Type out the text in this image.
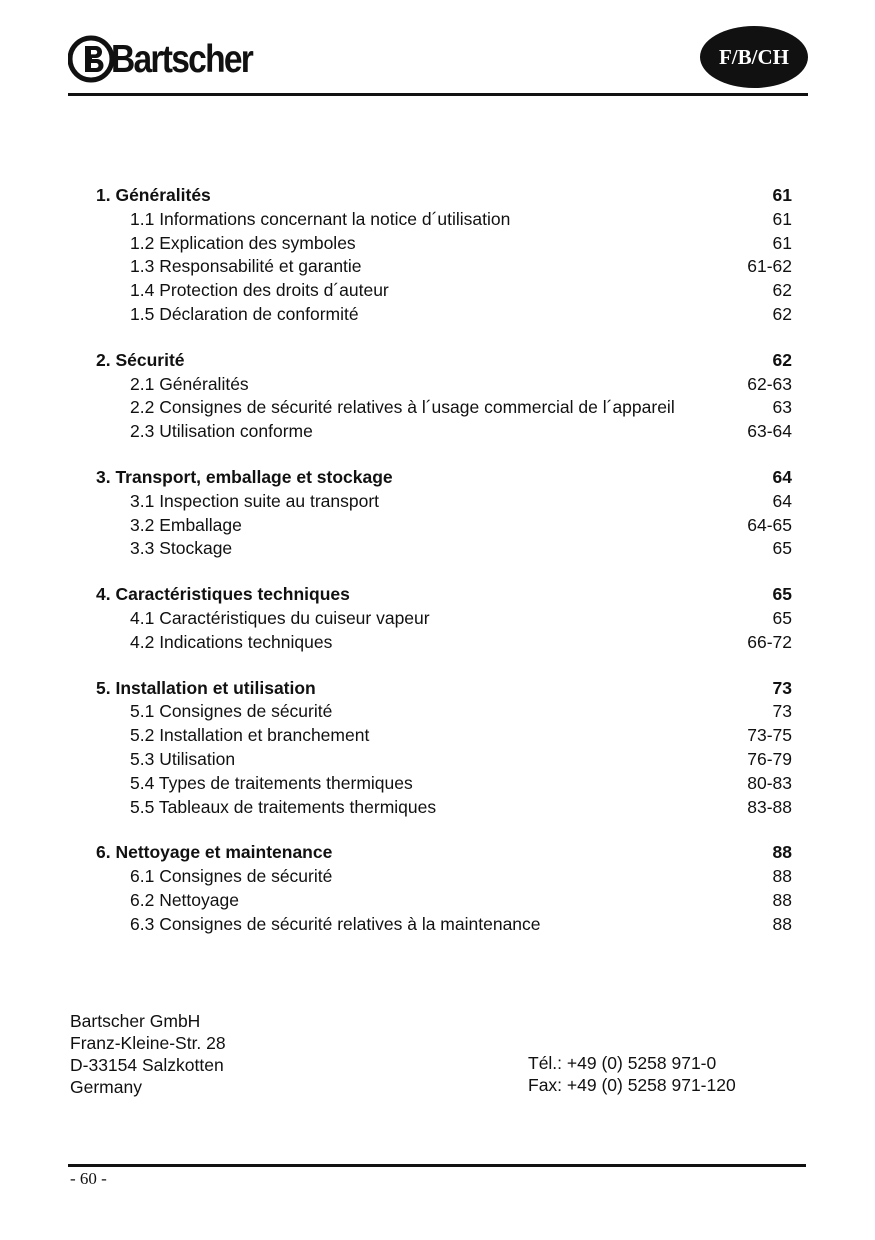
Bartscher	F/B/CH
1. Généralités	61
1.1 Informations concernant la notice d´utilisation	61
1.2 Explication des symboles	61
1.3 Responsabilité et garantie	61-62
1.4 Protection des droits d´auteur	62
1.5 Déclaration de conformité	62
2. Sécurité	62
2.1 Généralités	62-63
2.2 Consignes de sécurité relatives à l´usage commercial de l´appareil	63
2.3 Utilisation conforme	63-64
3. Transport, emballage et stockage	64
3.1 Inspection suite au transport	64
3.2 Emballage	64-65
3.3 Stockage	65
4. Caractéristiques techniques	65
4.1 Caractéristiques du cuiseur vapeur	65
4.2 Indications techniques	66-72
5. Installation et utilisation	73
5.1 Consignes de sécurité	73
5.2 Installation et branchement	73-75
5.3 Utilisation	76-79
5.4 Types de traitements thermiques	80-83
5.5 Tableaux de traitements thermiques	83-88
6. Nettoyage et maintenance	88
6.1 Consignes de sécurité	88
6.2 Nettoyage	88
6.3 Consignes de sécurité relatives à la maintenance	88
Bartscher GmbH
Franz-Kleine-Str. 28
D-33154 Salzkotten
Germany
Tél.: +49 (0) 5258 971-0
Fax: +49 (0) 5258 971-120
- 60 -
